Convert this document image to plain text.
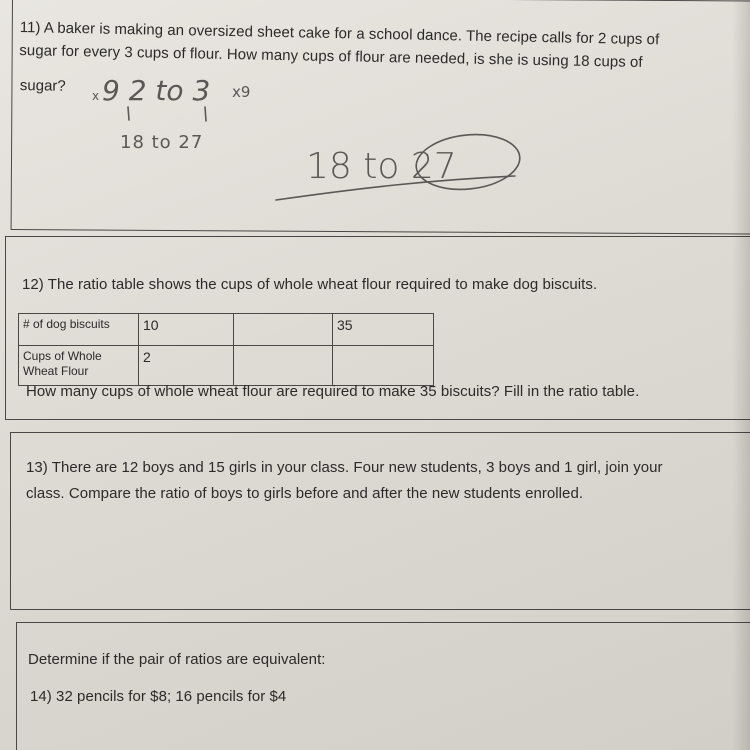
11) A baker is making an oversized sheet cake for a school dance. The recipe calls for 2 cups of
sugar for every 3 cups of flour. How many cups of flour are needed, is she is using 18 cups of
sugar?
x 9 2 to 3 x9
18 to 27
18 to 27
12) The ratio table shows the cups of whole wheat flour required to make dog biscuits.
# of dog biscuits	10		35
Cups of Whole
Wheat Flour	2		
How many cups of whole wheat flour are required to make 35 biscuits? Fill in the ratio table.
13) There are 12 boys and 15 girls in your class. Four new students, 3 boys and 1 girl, join your
class. Compare the ratio of boys to girls before and after the new students enrolled.
Determine if the pair of ratios are equivalent:
14) 32 pencils for $8; 16 pencils for $4
